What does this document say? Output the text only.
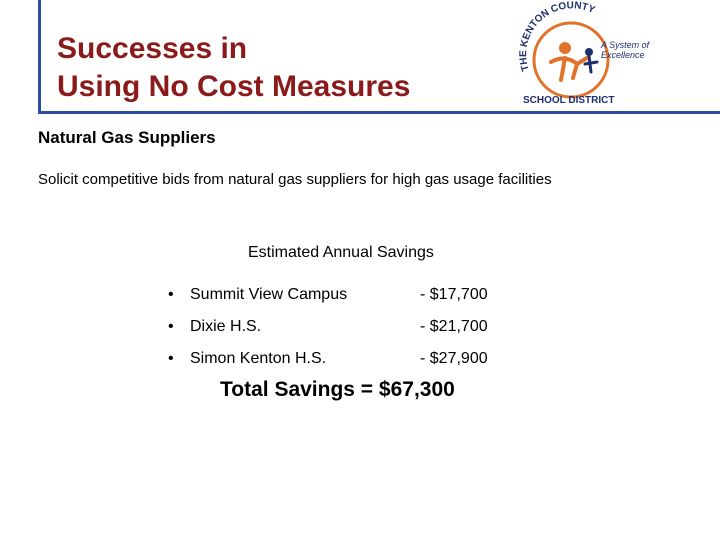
Successes in
Using No Cost Measures
THE KENTON COUNTY
A System of
Excellence
SCHOOL DISTRICT
Natural Gas Suppliers
Solicit competitive bids from natural gas suppliers for high gas usage facilities
Estimated Annual Savings
•	Summit View Campus	- $17,700
•	Dixie H.S.	- $21,700
•	Simon Kenton H.S.	- $27,900
Total Savings = $67,300
